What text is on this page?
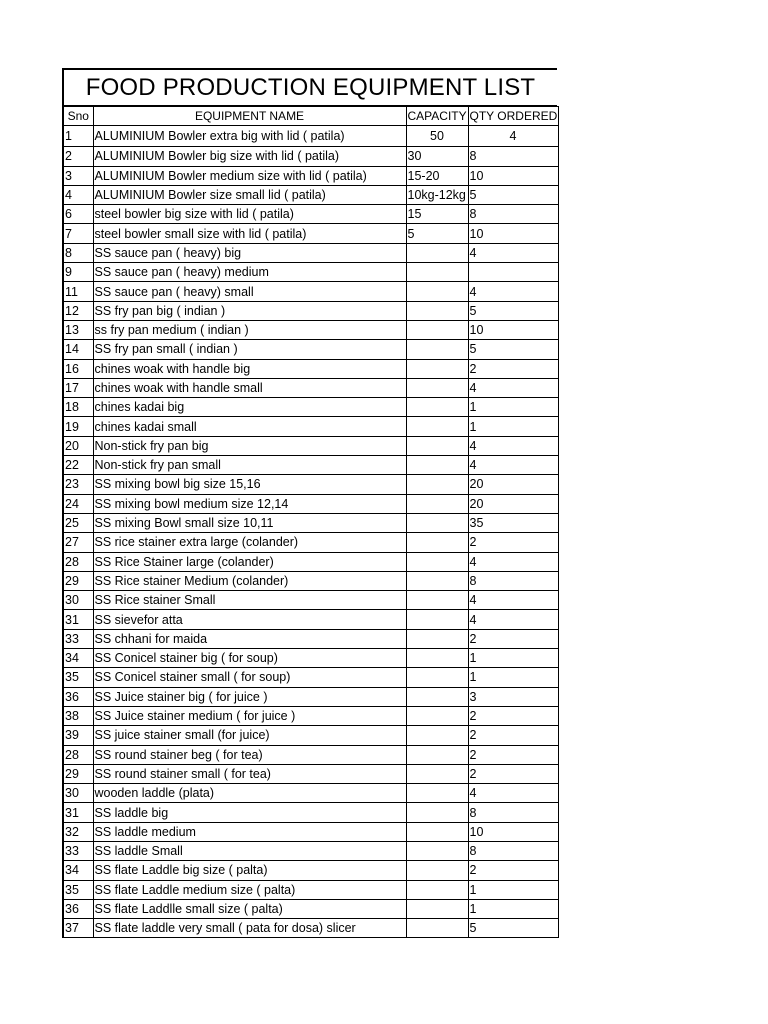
FOOD PRODUCTION EQUIPMENT LIST
Sno	EQUIPMENT NAME	CAPACITY	QTY ORDERED
1	ALUMINIUM Bowler extra big with lid ( patila)	50	4
2	ALUMINIUM Bowler big size with lid ( patila)	30	8
3	ALUMINIUM Bowler medium size with lid ( patila)	15-20	10
4	ALUMINIUM Bowler size small lid ( patila)	10kg-12kg	5
6	steel bowler big size with lid ( patila)	15	8
7	steel bowler small size with lid ( patila)	5	10
8	SS sauce pan ( heavy) big		4
9	SS sauce pan ( heavy) medium		
11	SS sauce pan ( heavy) small		4
12	SS fry pan big ( indian )		5
13	ss fry pan medium ( indian )		10
14	SS fry pan small ( indian )		5
16	chines woak with handle big		2
17	chines woak with handle small		4
18	chines kadai big		1
19	chines kadai small		1
20	Non-stick fry pan big		4
22	Non-stick fry pan small		4
23	SS mixing bowl big size 15,16		20
24	SS mixing bowl medium size 12,14		20
25	SS mixing Bowl small size 10,11		35
27	SS rice stainer extra large (colander)		2
28	SS Rice Stainer large (colander)		4
29	SS Rice stainer Medium (colander)		8
30	SS Rice stainer Small		4
31	SS sievefor atta		4
33	SS chhani for maida		2
34	SS Conicel stainer big ( for soup)		1
35	SS Conicel stainer small ( for soup)		1
36	SS Juice stainer big ( for juice )		3
38	SS Juice stainer medium ( for juice )		2
39	SS juice stainer small (for juice)		2
28	SS round stainer beg ( for tea)		2
29	SS round stainer small ( for tea)		2
30	wooden laddle (plata)		4
31	SS laddle big		8
32	SS laddle medium		10
33	SS laddle Small		8
34	SS flate Laddle big size ( palta)		2
35	SS flate Laddle medium size ( palta)		1
36	SS flate Laddlle small size ( palta)		1
37	SS flate laddle very small ( pata for dosa) slicer		5
